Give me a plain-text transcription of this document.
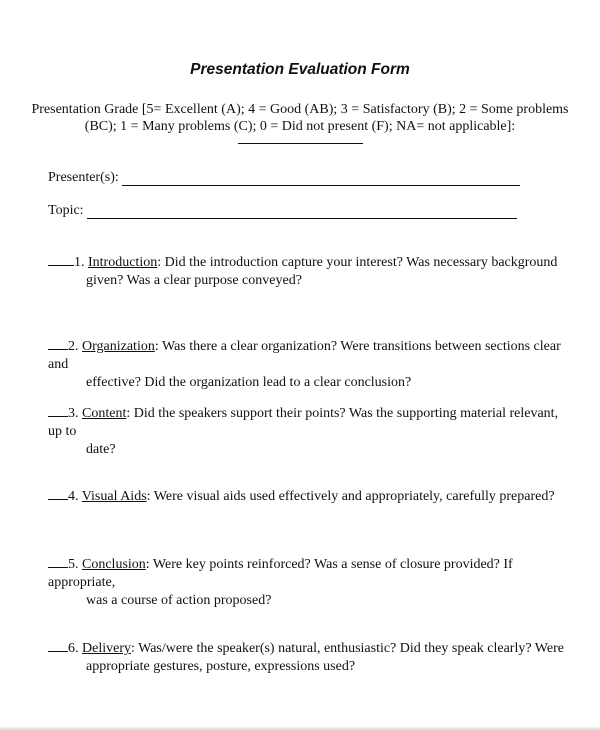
Presentation Evaluation Form
Presentation Grade [5= Excellent (A); 4 = Good (AB); 3 = Satisfactory (B); 2 = Some problems
(BC); 1 = Many problems (C); 0 = Did not present (F); NA= not applicable]:
Presenter(s):
Topic:
1. Introduction: Did the introduction capture your interest? Was necessary background
given? Was a clear purpose conveyed?
2. Organization: Was there a clear organization? Were transitions between sections clear and
effective? Did the organization lead to a clear conclusion?
3. Content: Did the speakers support their points? Was the supporting material relevant, up to
date?
4. Visual Aids: Were visual aids used effectively and appropriately, carefully prepared?
5. Conclusion: Were key points reinforced? Was a sense of closure provided? If appropriate,
was a course of action proposed?
6. Delivery: Was/were the speaker(s) natural, enthusiastic? Did they speak clearly? Were
appropriate gestures, posture, expressions used?
